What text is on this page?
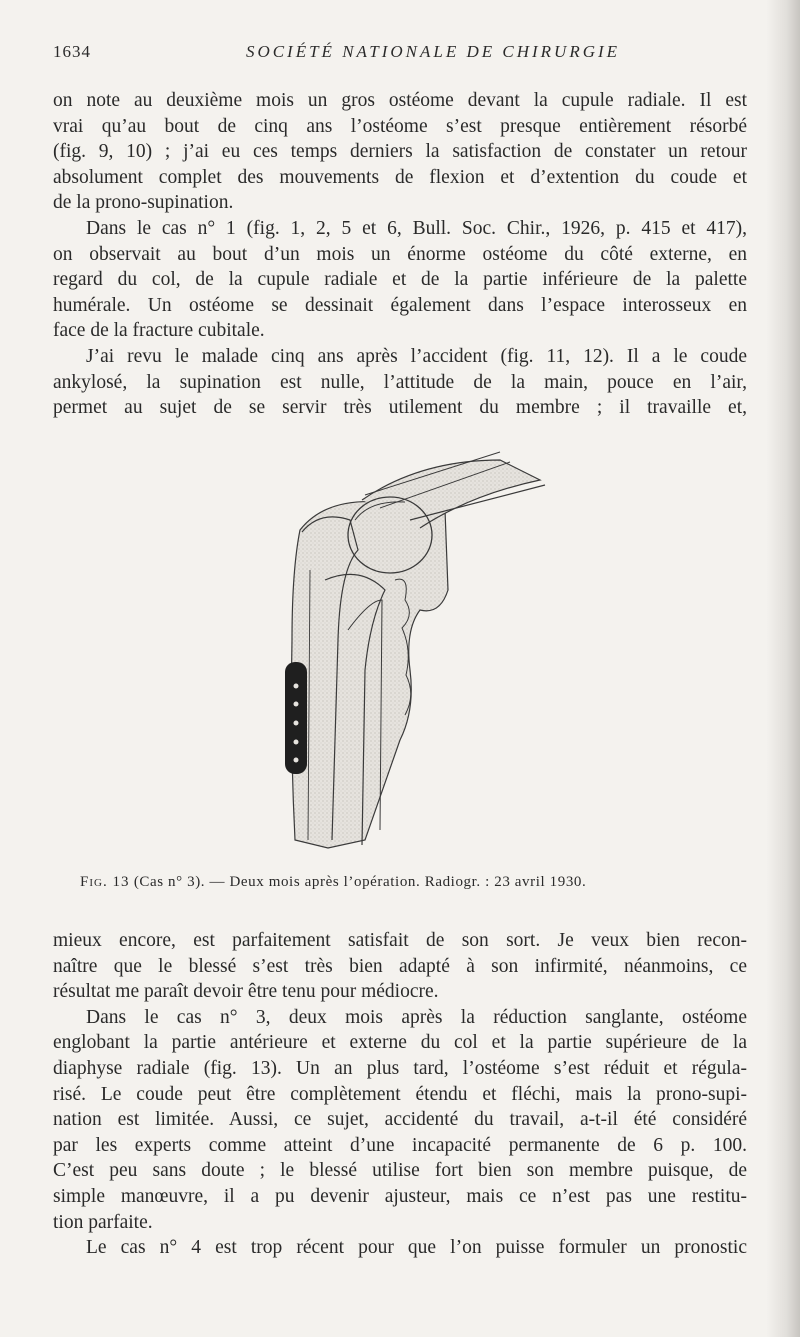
1634	SOCIÉTÉ NATIONALE DE CHIRURGIE
on note au deuxième mois un gros ostéome devant la cupule radiale. Il est
vrai qu’au bout de cinq ans l’ostéome s’est presque entièrement résorbé
(fig. 9, 10) ; j’ai eu ces temps derniers la satisfaction de constater un retour
absolument complet des mouvements de flexion et d’extention du coude et
de la prono-supination.
Dans le cas n° 1 (fig. 1, 2, 5 et 6, Bull. Soc. Chir., 1926, p. 415 et 417),
on observait au bout d’un mois un énorme ostéome du côté externe, en
regard du col, de la cupule radiale et de la partie inférieure de la palette
humérale. Un ostéome se dessinait également dans l’espace interosseux en
face de la fracture cubitale.
J’ai revu le malade cinq ans après l’accident (fig. 11, 12). Il a le coude
ankylosé, la supination est nulle, l’attitude de la main, pouce en l’air,
permet au sujet de se servir très utilement du membre ; il travaille et,
Fig. 13 (Cas n° 3). — Deux mois après l’opération. Radiogr. : 23 avril 1930.
mieux encore, est parfaitement satisfait de son sort. Je veux bien recon-
naître que le blessé s’est très bien adapté à son infirmité, néanmoins, ce
résultat me paraît devoir être tenu pour médiocre.
Dans le cas n° 3, deux mois après la réduction sanglante, ostéome
englobant la partie antérieure et externe du col et la partie supérieure de la
diaphyse radiale (fig. 13). Un an plus tard, l’ostéome s’est réduit et régula-
risé. Le coude peut être complètement étendu et fléchi, mais la prono-supi-
nation est limitée. Aussi, ce sujet, accidenté du travail, a-t-il été considéré
par les experts comme atteint d’une incapacité permanente de 6 p. 100.
C’est peu sans doute ; le blessé utilise fort bien son membre puisque, de
simple manœuvre, il a pu devenir ajusteur, mais ce n’est pas une restitu-
tion parfaite.
Le cas n° 4 est trop récent pour que l’on puisse formuler un pronostic
